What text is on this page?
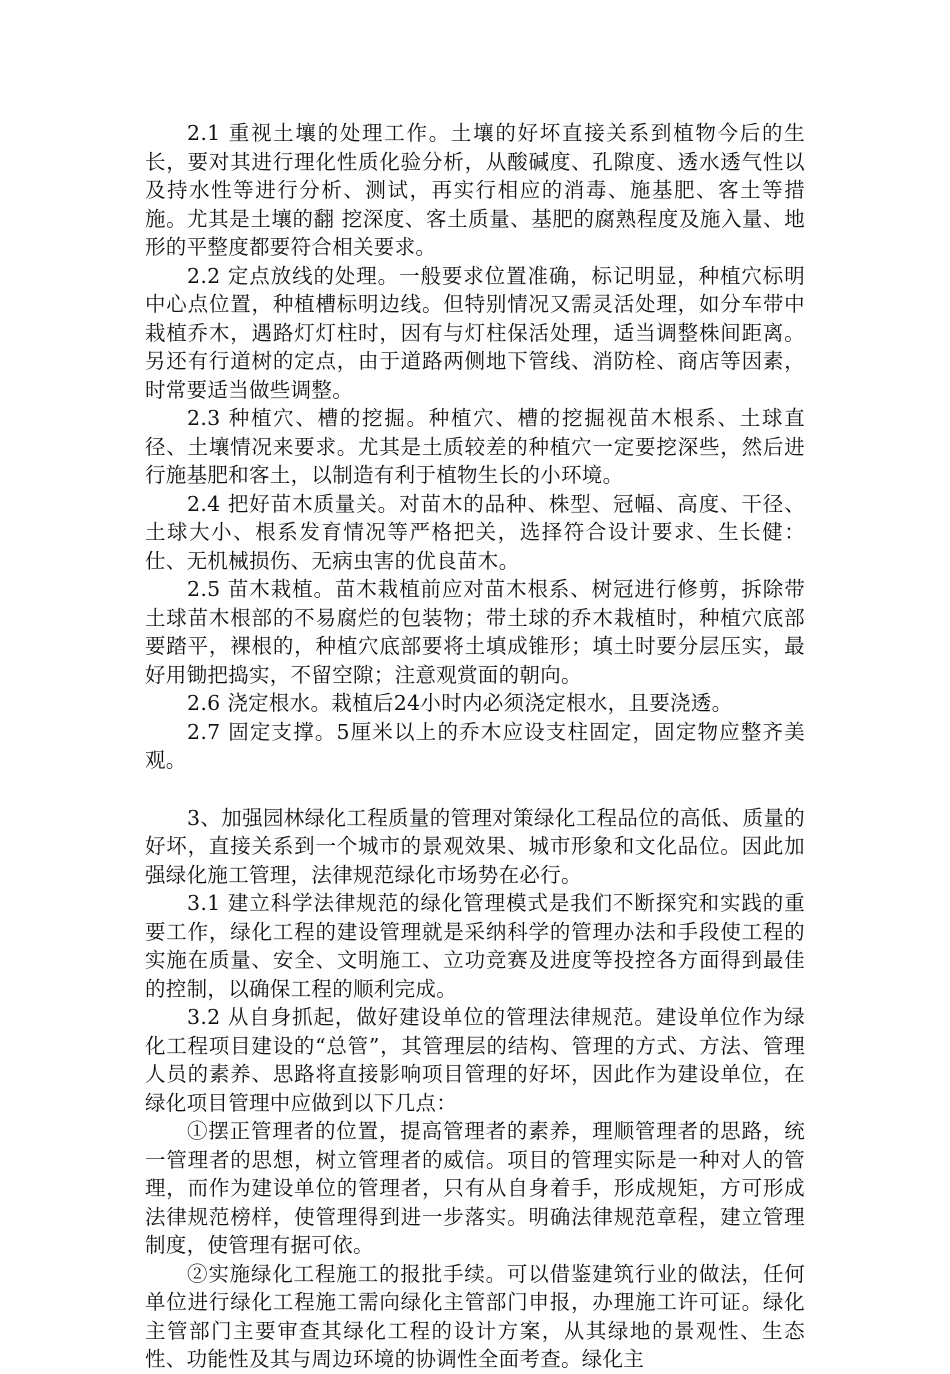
2.1 重视土壤的处理工作。土壤的好坏直接关系到植物今后的生长，要对其进行理化性质化验分析，从酸碱度、孔隙度、透水透气性以及持水性等进行分析、测试，再实行相应的消毒、施基肥、客土等措施。尤其是土壤的翻 挖深度、客土质量、基肥的腐熟程度及施入量、地形的平整度都要符合相关要求。

2.2 定点放线的处理。一般要求位置准确，标记明显，种植穴标明中心点位置，种植槽标明边线。但特别情况又需灵活处理，如分车带中栽植乔木，遇路灯灯柱时，因有与灯柱保活处理，适当调整株间距离。另还有行道树的定点，由于道路两侧地下管线、消防栓、商店等因素，时常要适当做些调整。

2.3 种植穴、槽的挖掘。种植穴、槽的挖掘视苗木根系、土球直径、土壤情况来要求。尤其是土质较差的种植穴一定要挖深些，然后进行施基肥和客土，以制造有利于植物生长的小环境。

2.4 把好苗木质量关。对苗木的品种、株型、冠幅、高度、干径、土球大小、根系发育情况等严格把关，选择符合设计要求、生长健：仕、无机械损伤、无病虫害的优良苗木。

2.5 苗木栽植。苗木栽植前应对苗木根系、树冠进行修剪，拆除带土球苗木根部的不易腐烂的包装物；带土球的乔木栽植时，种植穴底部要踏平，裸根的，种植穴底部要将土填成锥形；填土时要分层压实，最好用锄把捣实，不留空隙；注意观赏面的朝向。

2.6 浇定根水。栽植后24小时内必须浇定根水，且要浇透。

2.7 固定支撑。5厘米以上的乔木应设支柱固定，固定物应整齐美观。

3、加强园林绿化工程质量的管理对策绿化工程品位的高低、质量的好坏，直接关系到一个城市的景观效果、城市形象和文化品位。因此加强绿化施工管理，法律规范绿化市场势在必行。

3.1 建立科学法律规范的绿化管理模式是我们不断探究和实践的重要工作，绿化工程的建设管理就是采纳科学的管理办法和手段使工程的实施在质量、安全、文明施工、立功竞赛及进度等投控各方面得到最佳的控制，以确保工程的顺利完成。

3.2 从自身抓起，做好建设单位的管理法律规范。建设单位作为绿化工程项目建设的“总管”，其管理层的结构、管理的方式、方法、管理人员的素养、思路将直接影响项目管理的好坏，因此作为建设单位，在绿化项目管理中应做到以下几点：

①摆正管理者的位置，提高管理者的素养，理顺管理者的思路，统一管理者的思想，树立管理者的威信。项目的管理实际是一种对人的管理，而作为建设单位的管理者，只有从自身着手，形成规矩，方可形成法律规范榜样，使管理得到进一步落实。明确法律规范章程，建立管理制度，使管理有据可依。

②实施绿化工程施工的报批手续。可以借鉴建筑行业的做法，任何单位进行绿化工程施工需向绿化主管部门申报，办理施工许可证。绿化主管部门主要审查其绿化工程的设计方案，从其绿地的景观性、生态性、功能性及其与周边环境的协调性全面考查。绿化主
